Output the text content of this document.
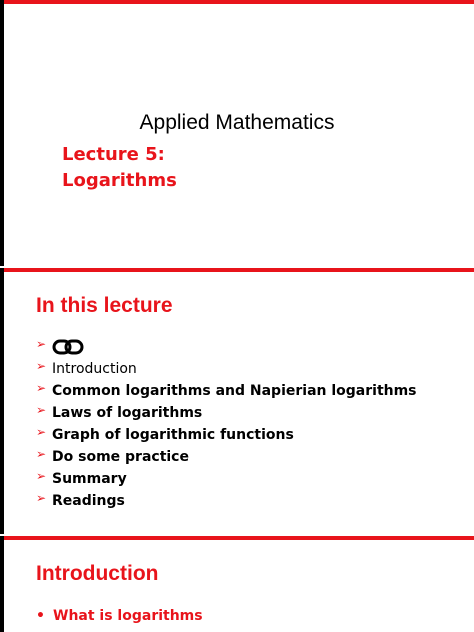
Applied Mathematics
Lecture 5:
Logarithms
In this lecture
➢
➢ Introduction
➢ Common logarithms and Napierian logarithms
➢ Laws of logarithms
➢ Graph of logarithmic functions
➢ Do some practice
➢ Summary
➢ Readings
Introduction
• What is logarithms
